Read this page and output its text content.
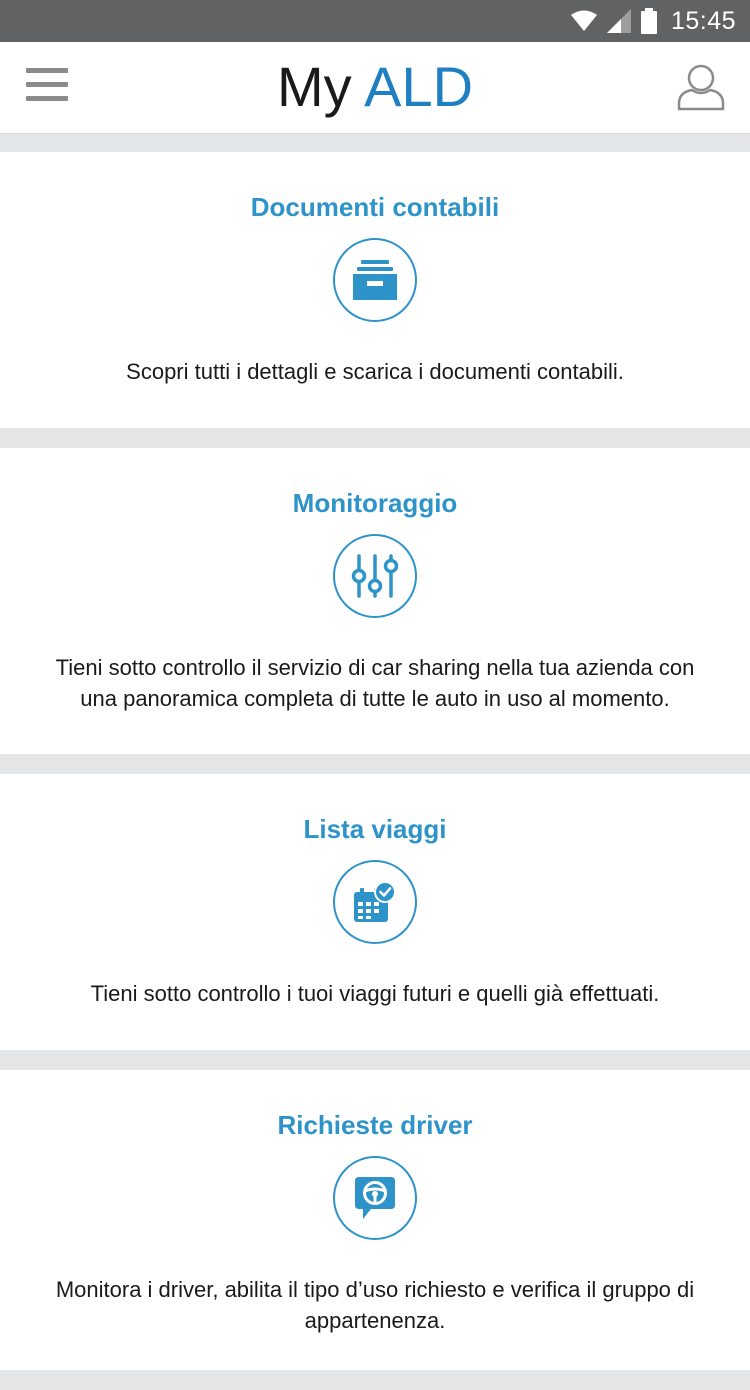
15:45
My ALD
Documenti contabili

Scopri tutti i dettagli e scarica i documenti contabili.

Monitoraggio

Tieni sotto controllo il servizio di car sharing nella tua azienda con una panoramica completa di tutte le auto in uso al momento.

Lista viaggi

Tieni sotto controllo i tuoi viaggi futuri e quelli già effettuati.

Richieste driver

Monitora i driver, abilita il tipo d’uso richiesto e verifica il gruppo di appartenenza.
